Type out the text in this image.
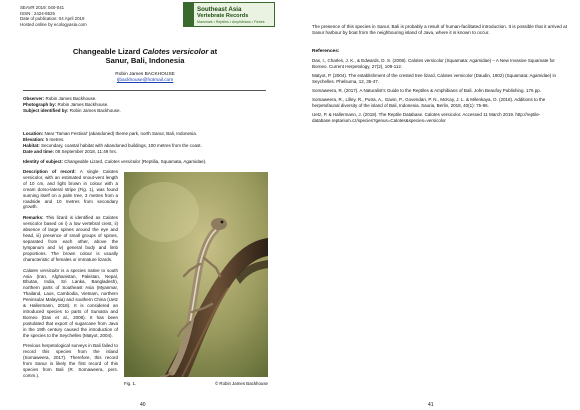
SEAVR 2019: 040-041
ISSN : 2424-8525
Date of publication: 04 April 2019
Hosted online by ecologyasia.com
Southeast Asia
Vertebrate Records
Mammals • Reptiles • Amphibians • Fishes
Changeable Lizard Calotes versicolor at
Sanur, Bali, Indonesia
Robin James BACKHOUSE
rjbackhouse@hotmail.com
Observer: Robin James Backhouse.
Photograph by: Robin James Backhouse.
Subject identified by: Robin James Backhouse.
Location: Near 'Taman Festival' (abandoned) theme park, north Sanur, Bali, Indonesia.
Elevation: 5 metres.
Habitat: Secondary, coastal habitat with abandoned buildings, 100 metres from the coast.
Date and time: 08 September 2018, 11:49 hrs.
Identity of subject: Changeable Lizard, Calotes versicolor (Reptilia, Squamata, Agamidae).

Description of record: A single Calotes versicolor, with an estimated snout-vent length of 10 cm, and light brown in colour with a cream dorso-lateral stripe (Fig. 1), was found sunning itself on a palm tree, 3 metres from a roadside and 10 metres from secondary growth.

Remarks: This lizard is identified as Calotes versicolor based on i) a low vertebral crest, ii) absence of large spines around the eye and head, iii) presence of small groups of spines, separated from each other, above the tympanum and iv) general body and limb proportions. The brown colour is usually characteristic of females or immature lizards.

Calotes versicolor is a species native to south Asia (Iran, Afghanistan, Pakistan, Nepal, Bhutan, India, Sri Lanka, Bangladesh), northern parts of Southeast Asia (Myanmar, Thailand, Laos, Cambodia, Vietnam, northern Peninsular Malaysia) and southern China (Uetz & Hallermann, 2018). It is considered an introduced species to parts of Sumatra and Borneo (Das et al., 2008). It has been postulated that export of sugarcane from Java in the 19th century caused the introduction of the species to the Seychelles (Matyot, 2004).

Previous herpetological surveys in Bali failed to record this species from the island (Somaweera, 2017). Therefore, this record from Sanur is likely the first record of this species from Bali (R. Somaweera, pers. comm.).

Fig. 1.	© Robin James Backhouse
40
The presence of this species in Sanur, Bali is probably a result of human-facilitated introduction. It is possible that it arrived at Sanur harbour by boat from the neighbouring island of Java, where it is known to occur.
References:
Das, I., Charles, J. K., & Edwards, D. S. (2008). Calotes versicolor (Squamata: Agamidae) – A New Invasive Squamate for Borneo. Current Herpetology, 27(2), 109-112.
Matyot, P. (2004). The establishment of the crested tree lizard, Calotes versicolor (Daudin, 1802) (Squamata: Agamidae) in Seychelles. Phelsuma, 12, 35-47.
Somaweera, R. (2017). A Naturalist's Guide to the Reptiles & Amphibians of Bali. John Beaufoy Publishing. 176 pp.
Somaweera, R., Lilley, R., Putra, A., Gavin, P., Govendan, P. N., McKay, J. L. & Milenkaya, O. (2018). Additions to the herpetofaunal diversity of the island of Bali, Indonesia. Sauria, Berlin, 2018, 40(1): 75-86.
Uetz, P. & Hallermann, J. (2018). The Reptile Database. Calotes versicolor. Accessed 11 March 2019. http://reptile-database.reptarium.cz/species?genus=Calotes&species=versicolor
41
